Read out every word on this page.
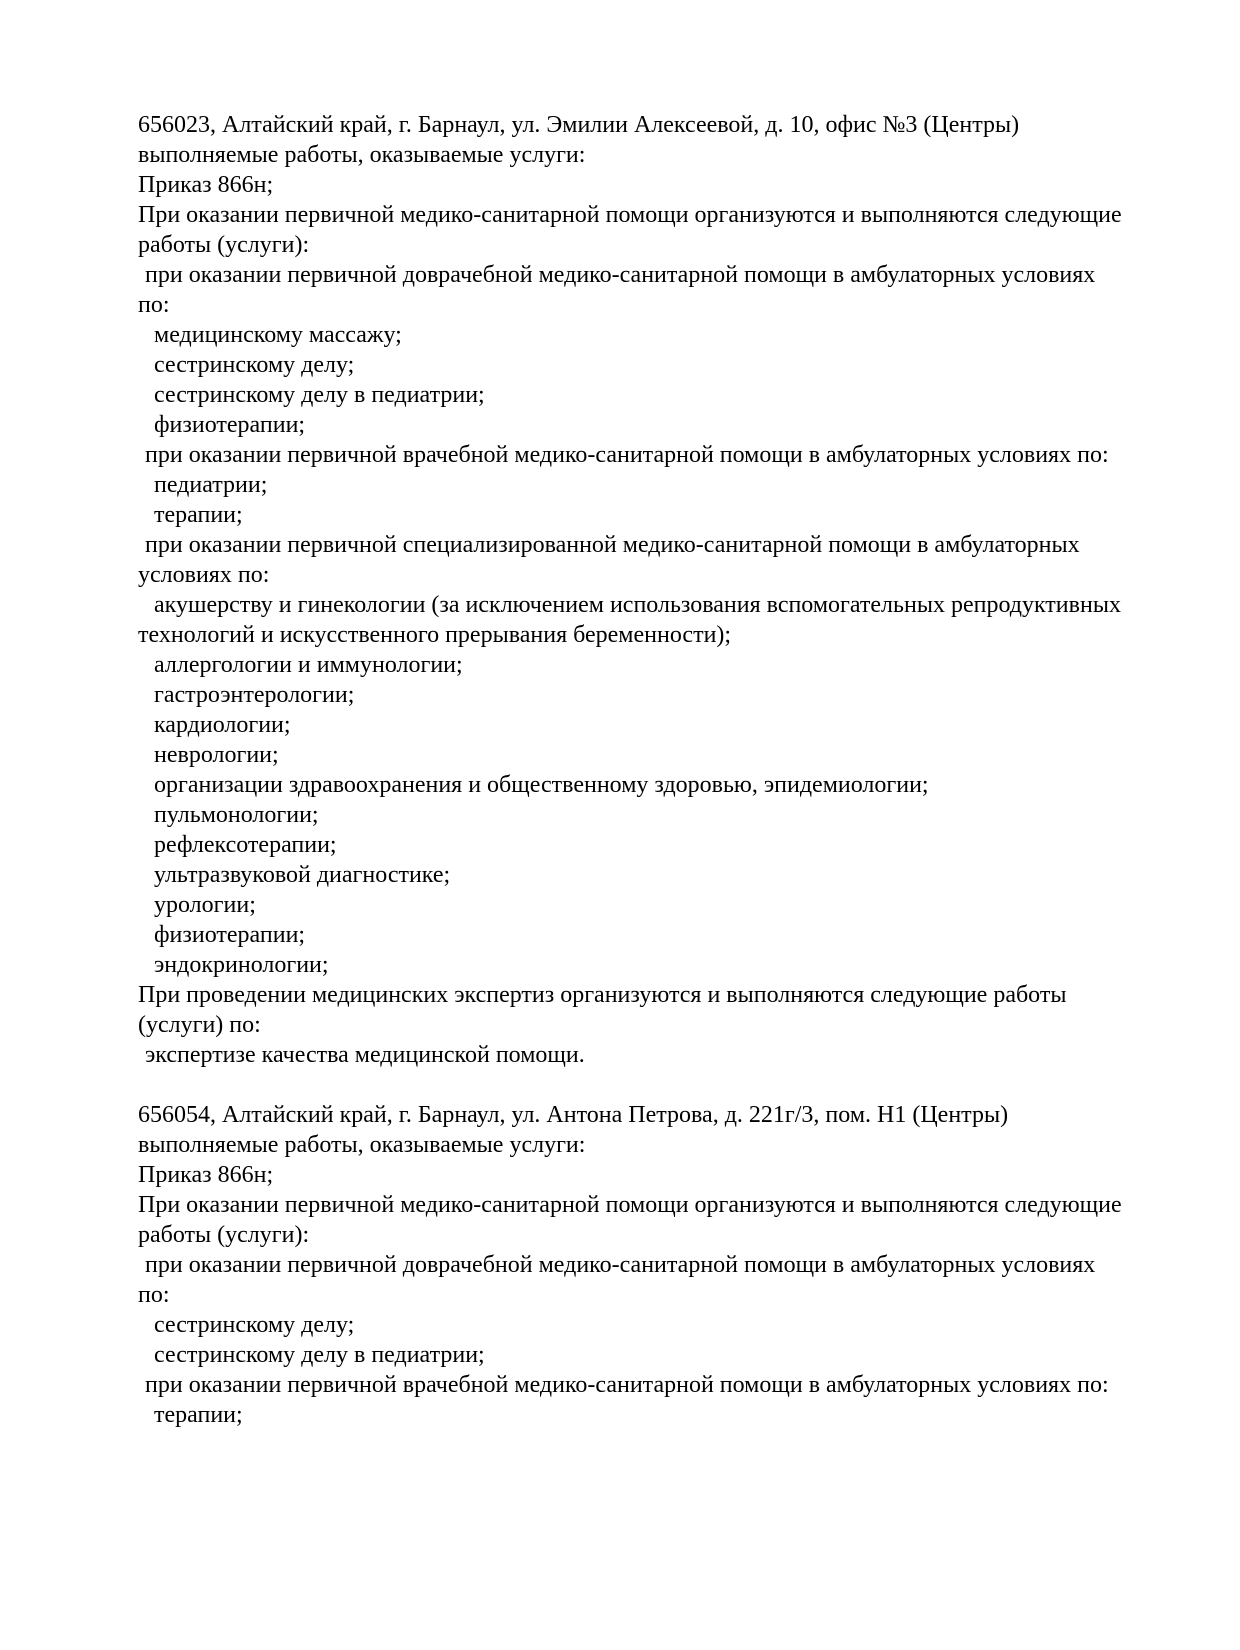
656023, Алтайский край, г. Барнаул, ул. Эмилии Алексеевой, д. 10, офис №3 (Центры)
выполняемые работы, оказываемые услуги:
Приказ 866н;
При оказании первичной медико-санитарной помощи организуются и выполняются следующие
работы (услуги):
при оказании первичной доврачебной медико-санитарной помощи в амбулаторных условиях
по:
медицинскому массажу;
сестринскому делу;
сестринскому делу в педиатрии;
физиотерапии;
при оказании первичной врачебной медико-санитарной помощи в амбулаторных условиях по:
педиатрии;
терапии;
при оказании первичной специализированной медико-санитарной помощи в амбулаторных
условиях по:
акушерству и гинекологии (за исключением использования вспомогательных репродуктивных
технологий и искусственного прерывания беременности);
аллергологии и иммунологии;
гастроэнтерологии;
кардиологии;
неврологии;
организации здравоохранения и общественному здоровью, эпидемиологии;
пульмонологии;
рефлексотерапии;
ультразвуковой диагностике;
урологии;
физиотерапии;
эндокринологии;
При проведении медицинских экспертиз организуются и выполняются следующие работы
(услуги) по:
экспертизе качества медицинской помощи.
656054, Алтайский край, г. Барнаул, ул. Антона Петрова, д. 221г/3, пом. Н1 (Центры)
выполняемые работы, оказываемые услуги:
Приказ 866н;
При оказании первичной медико-санитарной помощи организуются и выполняются следующие
работы (услуги):
при оказании первичной доврачебной медико-санитарной помощи в амбулаторных условиях
по:
сестринскому делу;
сестринскому делу в педиатрии;
при оказании первичной врачебной медико-санитарной помощи в амбулаторных условиях по:
терапии;
